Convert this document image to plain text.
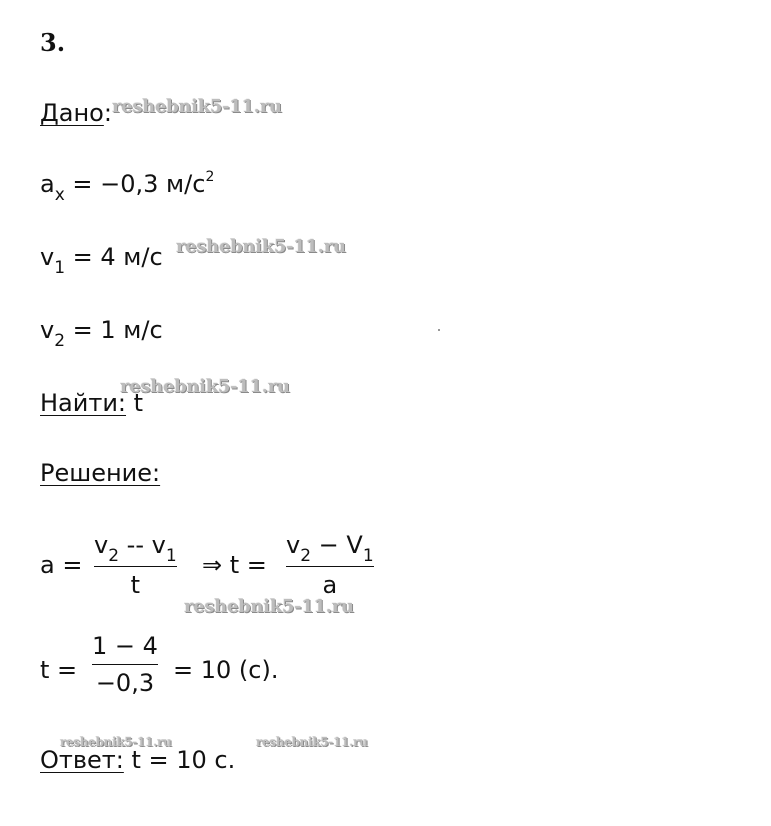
3.
Дано: reshebnik5-11.ru
$a_x = -0,3$ $м/с^2$
$v_1 = 4$ м/с reshebnik5-11.ru
$v_2 = 1$ м/с
Найти: t
reshebnik5-11.ru
Решение:
a =
$v_2 -- v_1$
t
⇒ t =
$v_2 - V_1$
a
reshebnik5-11.ru
t =
1 − 4
−0,3 = 10 (с).
Ответ: t = 10 с.
reshebnik5-11.ru	reshebnik5-11.ru
